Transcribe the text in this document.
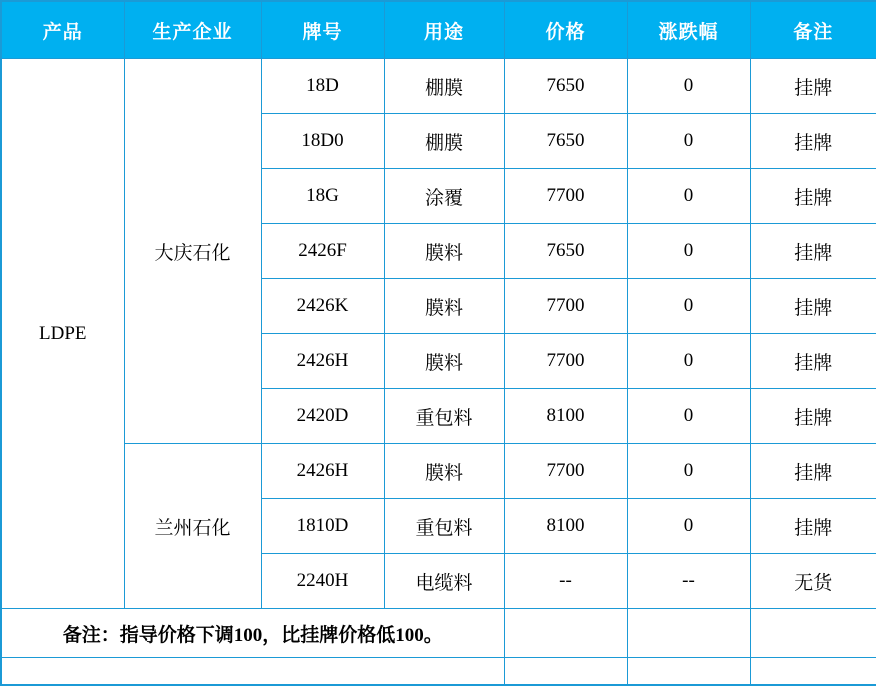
产品	生产企业	牌号	用途	价格	涨跌幅	备注
LDPE	大庆石化	18D	棚膜	7650	0	挂牌
		18D0	棚膜	7650	0	挂牌
		18G	涂覆	7700	0	挂牌
		2426F	膜料	7650	0	挂牌
		2426K	膜料	7700	0	挂牌
		2426H	膜料	7700	0	挂牌
		2420D	重包料	8100	0	挂牌
	兰州石化	2426H	膜料	7700	0	挂牌
		1810D	重包料	8100	0	挂牌
		2240H	电缆料	--	--	无货
备注：指导价格下调100，比挂牌价格低100。						
